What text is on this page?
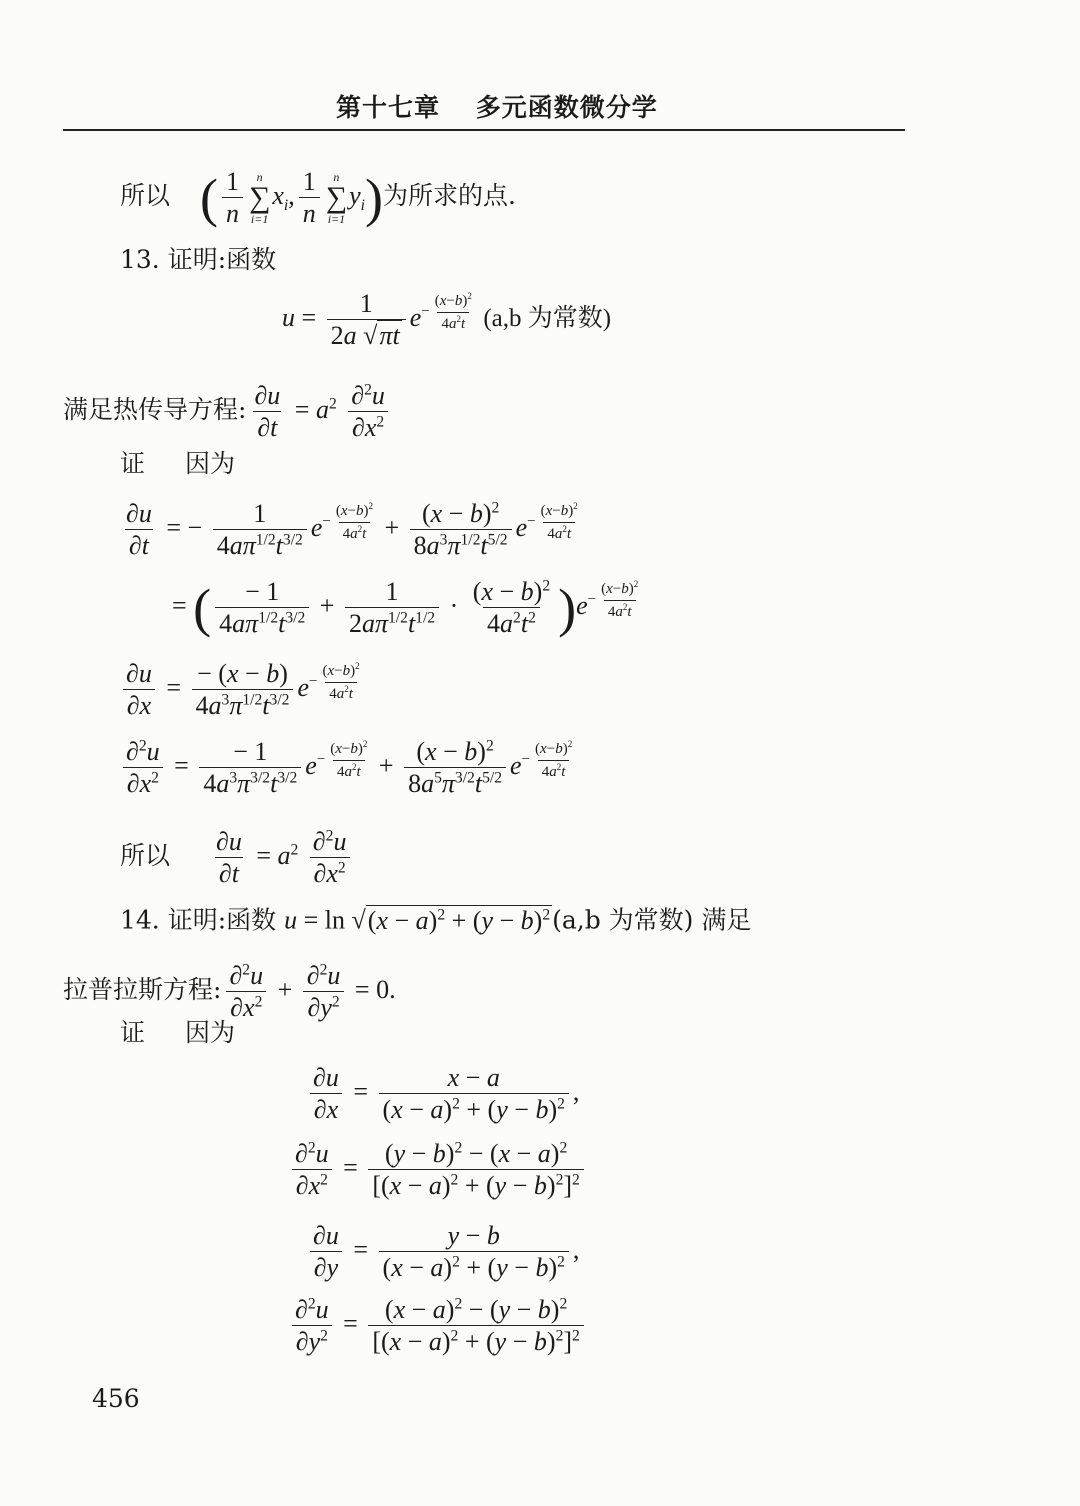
第十七章　 多元函数微分学
所以 ( $\frac{1}{n}$ n
∑
i=1
$x_i$, $\frac{1}{n}$ n
∑
i=1
$y_i$)为所求的点.
13. 证明:函数
$u = \frac{1}{2a √\pi t} e- \frac{(x-b)^2}{4a^2t} (a,b$ 为常数)
满足热传导方程: $\frac{\partial u}{\partial t} = a^2 \frac{\partial^2u}{\partial x^2}$
证 因为
$\frac{\partial u}{\partial t}$ = − $\frac{1}{4a\pi^{1/2}t^{3/2}} e- \frac{(x-b)^2}{4a^2t} + \frac{(x - b)^2}{8a^3\pi^{1/2}t^{5/2}} e- \frac{(x-b)^2}{4a^2t}$
= ( $\frac{- 1}{4a\pi^{1/2}t^{3/2}} + \frac{1}{2a\pi^{1/2}t^{1/2}} \cdot \frac{(x - b)^2}{4a^2t^2} )e- \frac{(x-b)^2}{4a^2t}$
$\frac{\partial u}{\partial x} = \frac{- (x - b)}{4a^3\pi^{1/2}t^{3/2}} e- \frac{(x-b)^2}{4a^2t}$
$\frac{\partial^2u}{\partial x^2} = \frac{- 1}{4a^3\pi^{3/2}t^{3/2}} e- \frac{(x-b)^2}{4a^2t} + \frac{(x - b)^2}{8a^5\pi^{3/2}t^{5/2}} e- \frac{(x-b)^2}{4a^2t}$
所以 $\frac{\partial u}{\partial t} = a^2 \frac{\partial^2u}{\partial x^2}$
14. 证明:函数 $u = \ln √(x - a)^2 + (y - b)^2(a,b$ 为常数) 满足
拉普拉斯方程: $\frac{\partial^2u}{\partial x^2} + \frac{\partial^2u}{\partial y^2} = 0$.
证 因为
$\frac{\partial u}{\partial x} = \frac{x - a}{(x - a)^2 + (y - b)^2}$ ,
$\frac{\partial^2u}{\partial x^2} = \frac{(y - b)^2 - (x - a)^2}{[(x - a)^2 + (y - b)^2]^2}$
$\frac{\partial u}{\partial y} = \frac{y - b}{(x - a)^2 + (y - b)^2}$ ,
$\frac{\partial^2u}{\partial y^2} = \frac{(x - a)^2 - (y - b)^2}{[(x - a)^2 + (y - b)^2]^2}$
456
